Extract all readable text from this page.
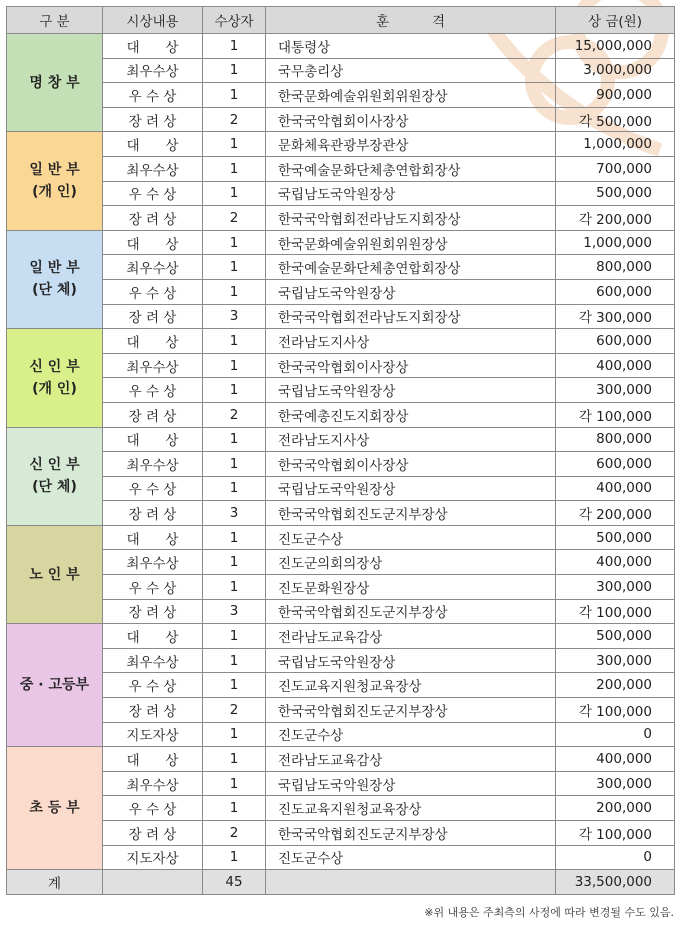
구 분	시상내용	수상자	훈          격	상 금(원)

명 창 부	대      상	1	대통령상	15,000,000
	최우수상	1	국무총리상	3,000,000
	우 수 상	1	한국문화예술위원회위원장상	900,000
	장 려 상	2	한국국악협회이사장상	각 500,000

일 반 부
(개 인)	대      상	1	문화체육관광부장관상	1,000,000
	최우수상	1	한국예술문화단체총연합회장상	700,000
	우 수 상	1	국립남도국악원장상	500,000
	장 려 상	2	한국국악협회전라남도지회장상	각 200,000

일 반 부
(단 체)	대      상	1	한국문화예술위원회위원장상	1,000,000
	최우수상	1	한국예술문화단체총연합회장상	800,000
	우 수 상	1	국립남도국악원장상	600,000
	장 려 상	3	한국국악협회전라남도지회장상	각 300,000

신 인 부
(개 인)	대      상	1	전라남도지사상	600,000
	최우수상	1	한국국악협회이사장상	400,000
	우 수 상	1	국립남도국악원장상	300,000
	장 려 상	2	한국예총진도지회장상	각 100,000

신 인 부
(단 체)	대      상	1	전라남도지사상	800,000
	최우수상	1	한국국악협회이사장상	600,000
	우 수 상	1	국립남도국악원장상	400,000
	장 려 상	3	한국국악협회진도군지부장상	각 200,000

노 인 부	대      상	1	진도군수상	500,000
	최우수상	1	진도군의회의장상	400,000
	우 수 상	1	진도문화원장상	300,000
	장 려 상	3	한국국악협회진도군지부장상	각 100,000

중 · 고등부	대      상	1	전라남도교육감상	500,000
	최우수상	1	국립남도국악원장상	300,000
	우 수 상	1	진도교육지원청교육장상	200,000
	장 려 상	2	한국국악협회진도군지부장상	각 100,000
	지도자상	1	진도군수상	0

초 등 부	대      상	1	전라남도교육감상	400,000
	최우수상	1	국립남도국악원장상	300,000
	우 수 상	1	진도교육지원청교육장상	200,000
	장 려 상	2	한국국악협회진도군지부장상	각 100,000
	지도자상	1	진도군수상	0
계		45		33,500,000
※위 내용은 주최측의 사정에 따라 변경될 수도 있음.
